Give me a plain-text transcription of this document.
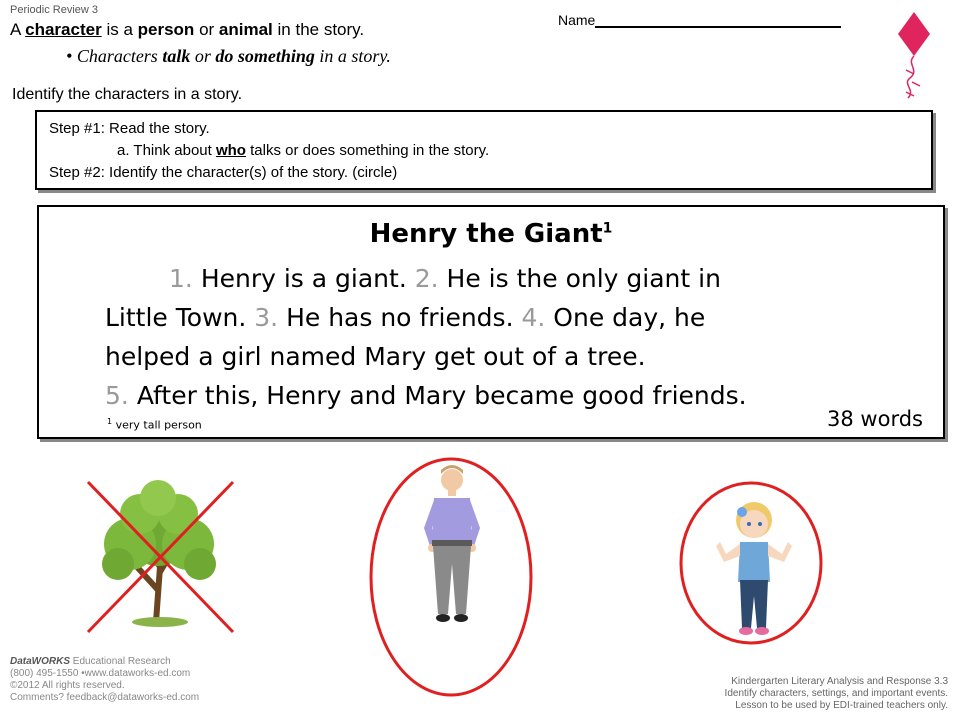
Periodic Review 3
A character is a person or animal in the story.
• Characters talk or do something in a story.
Name
Identify the characters in a story.
Step #1: Read the story.
a. Think about who talks or does something in the story.
Step #2: Identify the character(s) of the story. (circle)
Henry the Giant$^1$
1. Henry is a giant. 2. He is the only giant in
Little Town. 3. He has no friends. 4. One day, he
helped a girl named Mary get out of a tree.
5. After this, Henry and Mary became good friends.
$^1$ very tall person	38 words
DataWORKS Educational Research
(800) 495-1550 •www.dataworks-ed.com
©2012 All rights reserved.
Comments? feedback@dataworks-ed.com
Kindergarten Literary Analysis and Response 3.3
Identify characters, settings, and important events.
Lesson to be used by EDI-trained teachers only.
